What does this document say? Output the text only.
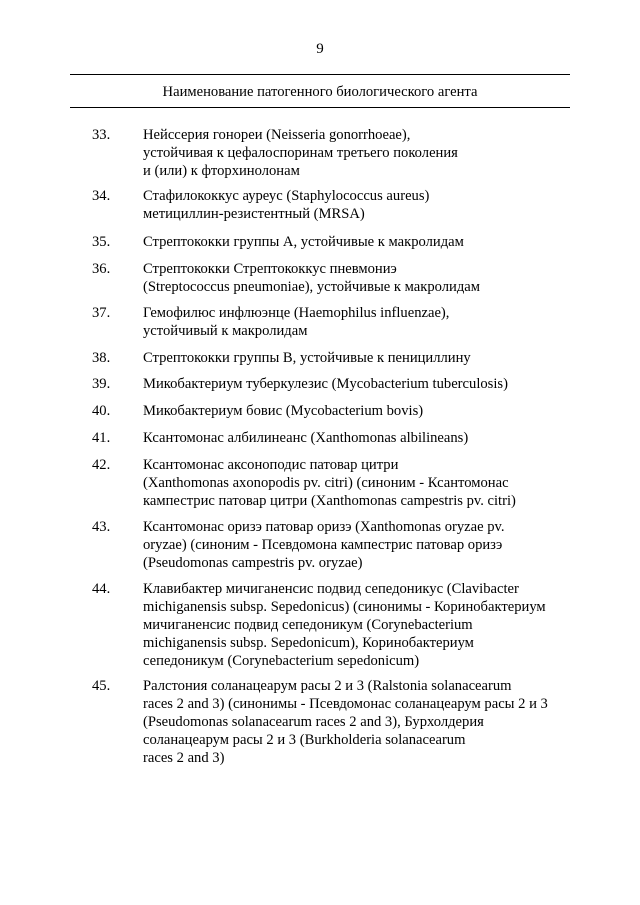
9
Наименование патогенного биологического агента
33.	Нейссерия гонореи (Neisseria gonorrhoeae),
устойчивая к цефалоспоринам третьего поколения
и (или) к фторхинолонам
34.	Стафилококкус ауреус (Staphylococcus aureus)
метициллин-резистентный (MRSA)
35.	Стрептококки группы A, устойчивые к макролидам
36.	Стрептококки Стрептококкус пневмониэ
(Streptococcus pneumoniae), устойчивые к макролидам
37.	Гемофилюс инфлюэнце (Haemophilus influenzae),
устойчивый к макролидам
38.	Стрептококки группы B, устойчивые к пенициллину
39.	Микобактериум туберкулезис (Mycobacterium tuberculosis)
40.	Микобактериум бовис (Mycobacterium bovis)
41.	Ксантомонас албилинеанс (Xanthomonas albilineans)
42.	Ксантомонас аксоноподис патовар цитри
(Xanthomonas axonopodis pv. citri) (синоним - Ксантомонас
кампестрис патовар цитри (Xanthomonas campestris pv. citri)
43.	Ксантомонас оризэ патовар оризэ (Xanthomonas oryzae pv.
oryzae) (синоним - Псевдомона кампестрис патовар оризэ
(Pseudomonas campestris pv. oryzae)
44.	Клавибактер мичиганенсис подвид сепедоникус (Clavibacter
michiganensis subsp. Sepedonicus) (синонимы - Коринобактериум
мичиганенсис подвид сепедоникум (Corynebacterium
michiganensis subsp. Sepedonicum), Коринобактериум
сепедоникум (Corynebacterium sepedonicum)
45.	Ралстония соланацеарум расы 2 и 3 (Ralstonia solanacearum
races 2 and 3) (синонимы - Псевдомонас соланацеарум расы 2 и 3
(Pseudomonas solanacearum races 2 and 3), Бурхолдерия
соланацеарум расы 2 и 3 (Burkholderia solanacearum
races 2 and 3)
